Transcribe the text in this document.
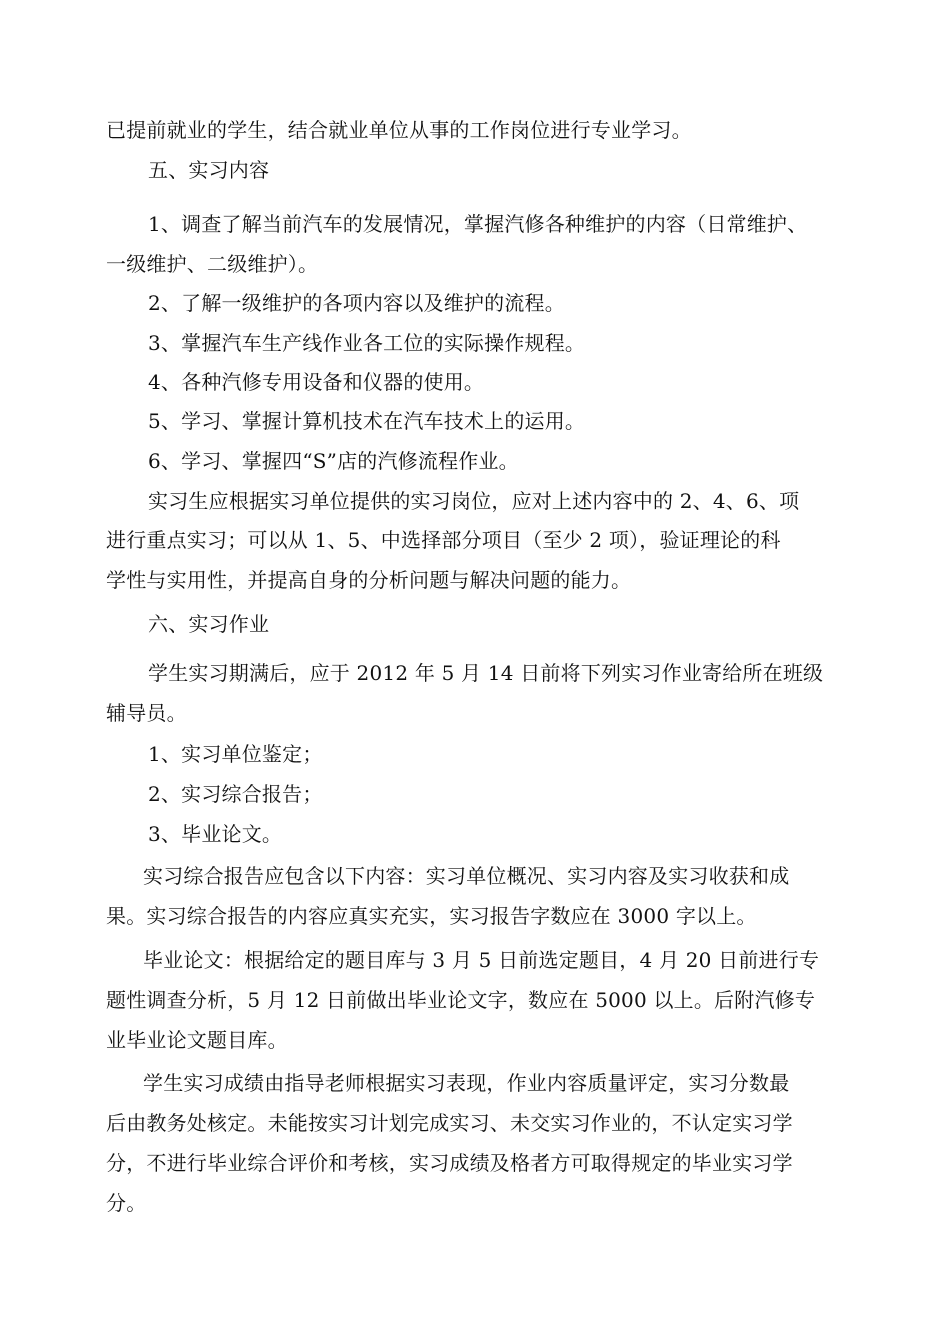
已提前就业的学生，结合就业单位从事的工作岗位进行专业学习。
五、实习内容
1、调查了解当前汽车的发展情况，掌握汽修各种维护的内容（日常维护、
一级维护、二级维护）。
2、了解一级维护的各项内容以及维护的流程。
3、掌握汽车生产线作业各工位的实际操作规程。
4、各种汽修专用设备和仪器的使用。
5、学习、掌握计算机技术在汽车技术上的运用。
6、学习、掌握四“S”店的汽修流程作业。
实习生应根据实习单位提供的实习岗位，应对上述内容中的 2、4、6、项
进行重点实习；可以从 1、5、中选择部分项目（至少 2 项），验证理论的科
学性与实用性，并提高自身的分析问题与解决问题的能力。
六、实习作业
学生实习期满后，应于 2012 年 5 月 14 日前将下列实习作业寄给所在班级
辅导员。
1、实习单位鉴定；
2、实习综合报告；
3、毕业论文。
实习综合报告应包含以下内容：实习单位概况、实习内容及实习收获和成
果。实习综合报告的内容应真实充实，实习报告字数应在 3000 字以上。
毕业论文：根据给定的题目库与 3 月 5 日前选定题目，4 月 20 日前进行专
题性调查分析，5 月 12 日前做出毕业论文字，数应在 5000 以上。后附汽修专
业毕业论文题目库。
学生实习成绩由指导老师根据实习表现，作业内容质量评定，实习分数最
后由教务处核定。未能按实习计划完成实习、未交实习作业的，不认定实习学
分，不进行毕业综合评价和考核，实习成绩及格者方可取得规定的毕业实习学
分。
